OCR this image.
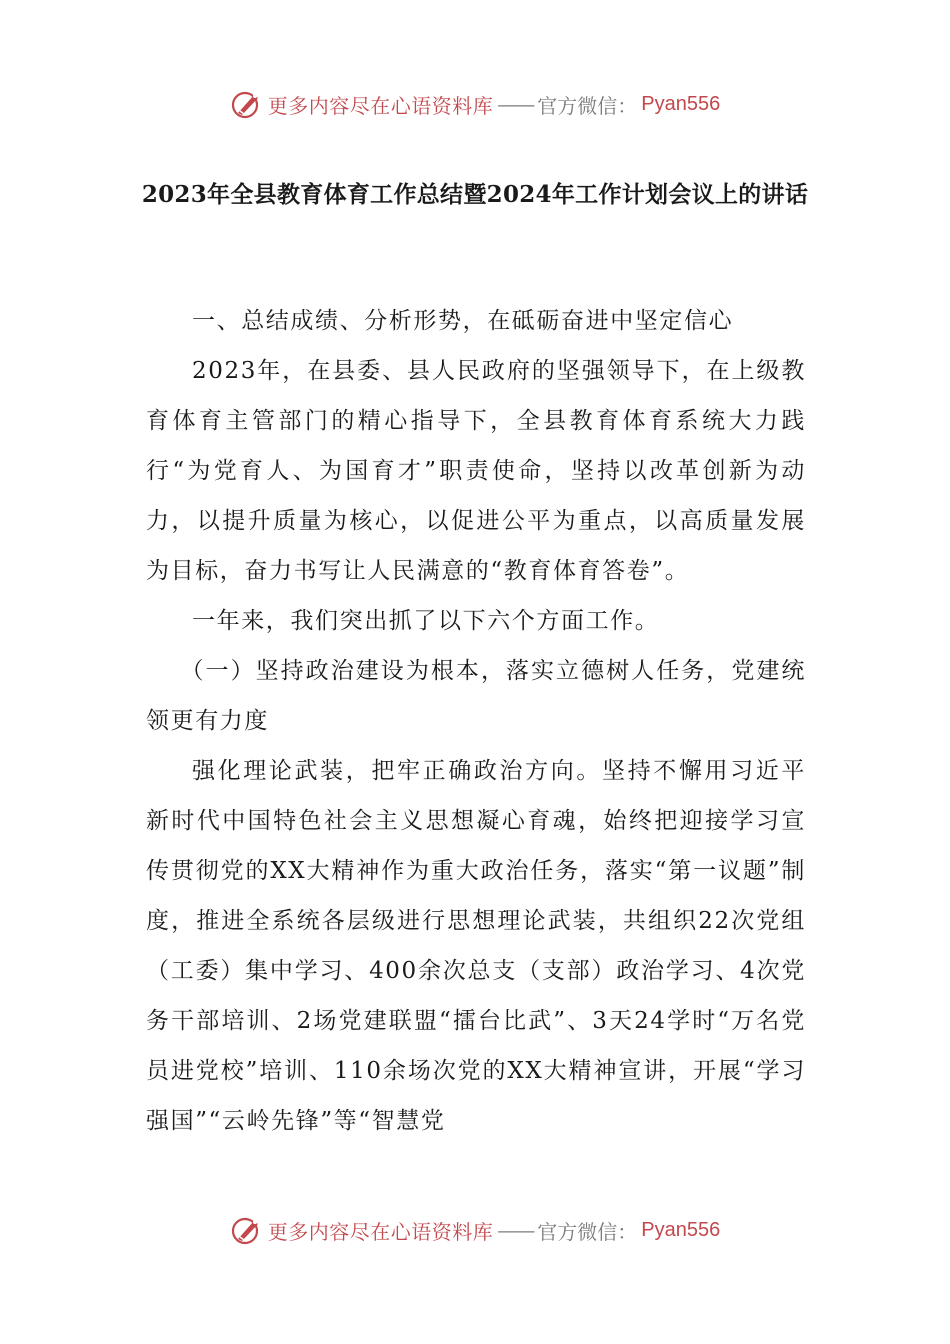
更多内容尽在心语资料库 —— 官方微信： Pyan556
2023年全县教育体育工作总结暨2024年工作计划会议上的讲话

一、总结成绩、分析形势，在砥砺奋进中坚定信心

2023年，在县委、县人民政府的坚强领导下，在上级教育体育主管部门的精心指导下，全县教育体育系统大力践行“为党育人、为国育才”职责使命，坚持以改革创新为动力，以提升质量为核心，以促进公平为重点，以高质量发展为目标，奋力书写让人民满意的“教育体育答卷”。

一年来，我们突出抓了以下六个方面工作。

（一）坚持政治建设为根本，落实立德树人任务，党建统领更有力度

强化理论武装，把牢正确政治方向。坚持不懈用习近平新时代中国特色社会主义思想凝心育魂，始终把迎接学习宣传贯彻党的XX大精神作为重大政治任务，落实“第一议题”制度，推进全系统各层级进行思想理论武装，共组织22次党组（工委）集中学习、400余次总支（支部）政治学习、4次党务干部培训、2场党建联盟“擂台比武”、3天24学时“万名党员进党校”培训、110余场次党的XX大精神宣讲，开展“学习强国”“云岭先锋”等“智慧党

更多内容尽在心语资料库 —— 官方微信： Pyan556
